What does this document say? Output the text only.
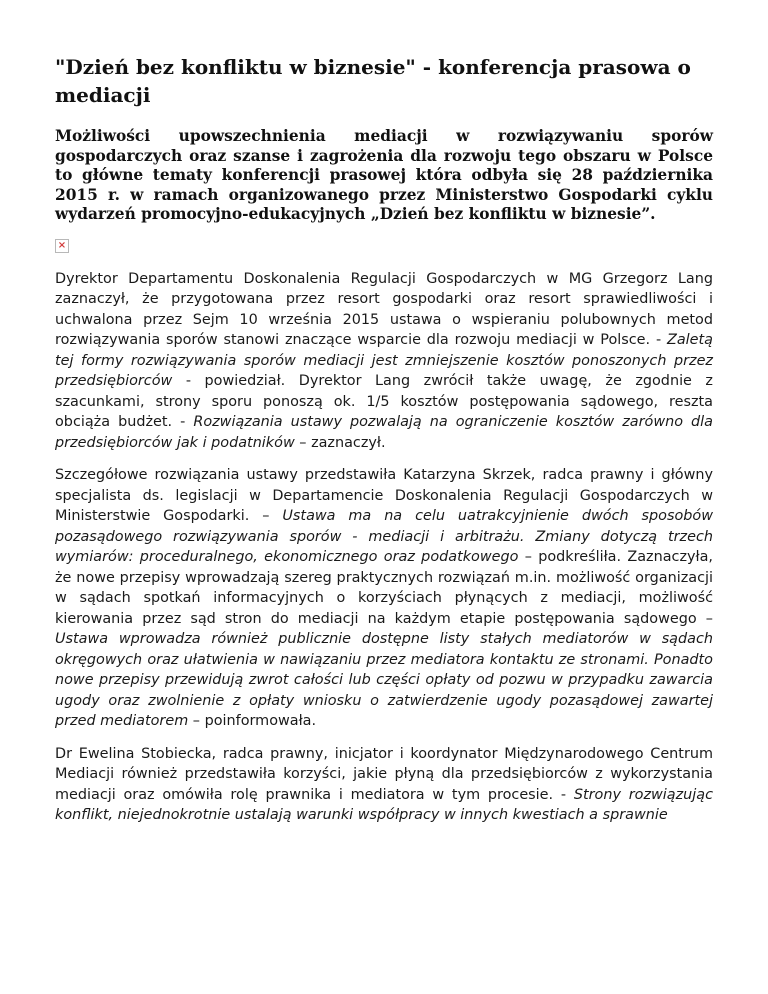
"Dzień bez konfliktu w biznesie" - konferencja prasowa o mediacji

Możliwości upowszechnienia mediacji w rozwiązywaniu sporów gospodarczych oraz szanse i zagrożenia dla rozwoju tego obszaru w Polsce to główne tematy konferencji prasowej która odbyła się 28 października 2015 r. w ramach organizowanego przez Ministerstwo Gospodarki cyklu wydarzeń promocyjno-edukacyjnych „Dzień bez konfliktu w biznesie”.

×

Dyrektor Departamentu Doskonalenia Regulacji Gospodarczych w MG Grzegorz Lang zaznaczył, że przygotowana przez resort gospodarki oraz resort sprawiedliwości i uchwalona przez Sejm 10 września 2015 ustawa o wspieraniu polubownych metod rozwiązywania sporów stanowi znaczące wsparcie dla rozwoju mediacji w Polsce. - Zaletą tej formy rozwiązywania sporów mediacji jest zmniejszenie kosztów ponoszonych przez przedsiębiorców - powiedział. Dyrektor Lang zwrócił także uwagę, że zgodnie z szacunkami, strony sporu ponoszą ok. 1/5 kosztów postępowania sądowego, reszta obciąża budżet. - Rozwiązania ustawy pozwalają na ograniczenie kosztów zarówno dla przedsiębiorców jak i podatników – zaznaczył.

Szczegółowe rozwiązania ustawy przedstawiła Katarzyna Skrzek, radca prawny i główny specjalista ds. legislacji w Departamencie Doskonalenia Regulacji Gospodarczych w Ministerstwie Gospodarki. – Ustawa ma na celu uatrakcyjnienie dwóch sposobów pozasądowego rozwiązywania sporów - mediacji i arbitrażu. Zmiany dotyczą trzech wymiarów: proceduralnego, ekonomicznego oraz podatkowego – podkreśliła. Zaznaczyła, że nowe przepisy wprowadzają szereg praktycznych rozwiązań m.in. możliwość organizacji w sądach spotkań informacyjnych o korzyściach płynących z mediacji, możliwość kierowania przez sąd stron do mediacji na każdym etapie postępowania sądowego – Ustawa wprowadza również publicznie dostępne listy stałych mediatorów w sądach okręgowych oraz ułatwienia w nawiązaniu przez mediatora kontaktu ze stronami. Ponadto nowe przepisy przewidują zwrot całości lub części opłaty od pozwu w przypadku zawarcia ugody oraz zwolnienie z opłaty wniosku o zatwierdzenie ugody pozasądowej zawartej przed mediatorem – poinformowała.

Dr Ewelina Stobiecka, radca prawny, inicjator i koordynator Międzynarodowego Centrum Mediacji również przedstawiła korzyści, jakie płyną dla przedsiębiorców z wykorzystania mediacji oraz omówiła rolę prawnika i mediatora w tym procesie. - Strony rozwiązując konflikt, niejednokrotnie ustalają warunki współpracy w innych kwestiach a sprawnie
